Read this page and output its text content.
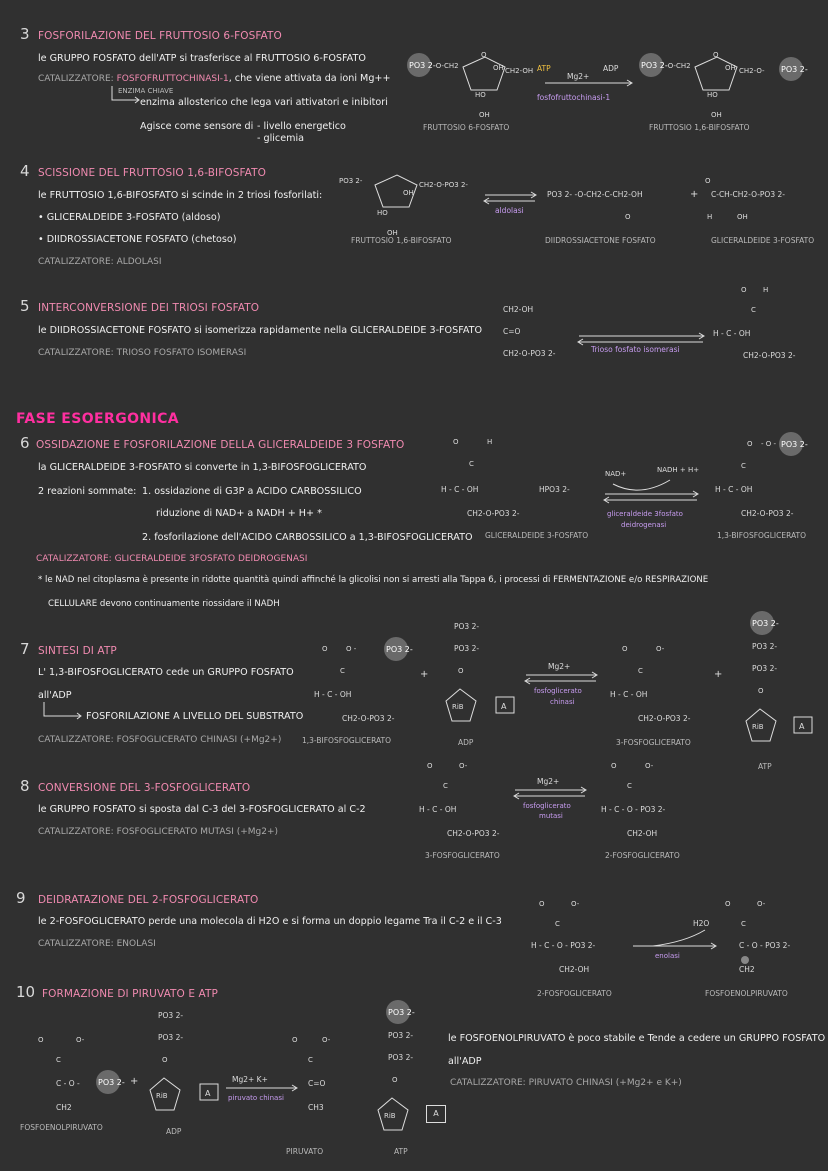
3 FOSFORILAZIONE DEL FRUTTOSIO 6-FOSFATO
le GRUPPO FOSFATO dell'ATP si trasferisce al FRUTTOSIO 6-FOSFATO
CATALIZZATORE: FOSFOFRUTTOCHINASI-1, che viene attivata da ioni Mg++
ENZIMA CHIAVE
enzima allosterico che lega vari attivatori e inibitori
Agisce come sensore di - livello energetico
- glicemia
PO3 2-
-O-CH2
O
OH
HO
OH
CH2-OH
PO3 2-
-O-CH2
O
OH
HO
OH
CH2-O- PO3 2-
ATP	ADP
Mg2+
fosfofruttochinasi-1
FRUTTOSIO 6-FOSFATO	FRUTTOSIO 1,6-BIFOSFATO
4 SCISSIONE DEL FRUTTOSIO 1,6-BIFOSFATO
le FRUTTOSIO 1,6-BIFOSFATO si scinde in 2 triosi fosforilati:
• GLICERALDEIDE 3-FOSFATO (aldoso)
• DIIDROSSIACETONE FOSFATO (chetoso)
CATALIZZATORE: ALDOLASI
PO3 2-	CH2-O-PO3 2-
OH
HO
OH
FRUTTOSIO 1,6-BIFOSFATO
aldolasi
PO3 2- -O-CH2-C-CH2-OH
O
+
O
C-CH-CH2-O-PO3 2-
H	OH
DIIDROSSIACETONE FOSFATO	GLICERALDEIDE 3-FOSFATO
5 INTERCONVERSIONE DEI TRIOSI FOSFATO
le DIIDROSSIACETONE FOSFATO si isomerizza rapidamente nella GLICERALDEIDE 3-FOSFATO
CATALIZZATORE: TRIOSO FOSFATO ISOMERASI
CH2-OH
C=O
CH2-O-PO3 2-	Trioso fosfato isomerasi
O H
C
H - C - OH
CH2-O-PO3 2-
FASE ESOERGONICA
6 OSSIDAZIONE E FOSFORILAZIONE DELLA GLICERALDEIDE 3 FOSFATO
la GLICERALDEIDE 3-FOSFATO si converte in 1,3-BIFOSFOGLICERATO
2 reazioni sommate: 1. ossidazione di G3P a ACIDO CARBOSSILICO
riduzione di NAD+ a NADH + H+ *
2. fosforilazione dell'ACIDO CARBOSSILICO a 1,3-BIFOSFOGLICERATO
CATALIZZATORE: GLICERALDEIDE 3FOSFATO DEIDROGENASI
* le NAD nel citoplasma è presente in ridotte quantità quindi affinché la glicolisi non si arresti alla Tappa 6, i processi di FERMENTAZIONE e/o RESPIRAZIONE
CELLULARE devono continuamente riossidare il NADH
O	H
C
H - C - OH
CH2-O-PO3 2-
HPO3 2-
NAD+	NADH + H+
gliceraldeide 3fosfato
deidrogenasi
GLICERALDEIDE 3-FOSFATO
O - O - PO3 2-
C
H - C - OH
CH2-O-PO3 2-
1,3-BIFOSFOGLICERATO
7 SINTESI DI ATP
L' 1,3-BIFOSFOGLICERATO cede un GRUPPO FOSFATO
all'ADP
FOSFORILAZIONE A LIVELLO DEL SUBSTRATO
CATALIZZATORE: FOSFOGLICERATO CHINASI (+Mg2+)
O	O -	PO3 2-
C
H - C - OH
CH2-O-PO3 2-
1,3-BIFOSFOGLICERATO
+
PO3 2-
PO3 2-
O
RiB	A
ADP
Mg2+
fosfoglicerato
chinasi
O	O-
C
H - C - OH
CH2-O-PO3 2-
3-FOSFOGLICERATO
+
PO3 2-
PO3 2-
PO3 2-
O
RiB	A
ATP
8 CONVERSIONE DEL 3-FOSFOGLICERATO
le GRUPPO FOSFATO si sposta dal C-3 del 3-FOSFOGLICERATO al C-2
CATALIZZATORE: FOSFOGLICERATO MUTASI (+Mg2+)
O	O-
C
H - C - OH
CH2-O-PO3 2-
3-FOSFOGLICERATO
Mg2+
fosfoglicerato
mutasi
O	O-
C
H - C - O - PO3 2-
CH2-OH
2-FOSFOGLICERATO
9 DEIDRATAZIONE DEL 2-FOSFOGLICERATO
le 2-FOSFOGLICERATO perde una molecola di H2O e si forma un doppio legame Tra il C-2 e il C-3
CATALIZZATORE: ENOLASI
O	O-
C
H - C - O - PO3 2-
CH2-OH
2-FOSFOGLICERATO
H2O
enolasi
O	O-
C
C - O - PO3 2-
CH2
FOSFOENOLPIRUVATO
10 FORMAZIONE DI PIRUVATO E ATP
le FOSFOENOLPIRUVATO è poco stabile e Tende a cedere un GRUPPO FOSFATO
all'ADP
CATALIZZATORE: PIRUVATO CHINASI (+Mg2+ e K+)
O	O-
C
C - O - PO3 2-
CH2
FOSFOENOLPIRUVATO
+
PO3 2-
PO3 2-
O
RiB	A
ADP
Mg2+ K+
piruvato chinasi
O	O-
C
C=O
CH3
PIRUVATO
PO3 2-
PO3 2-
PO3 2-
O
RiB
ATP
A
